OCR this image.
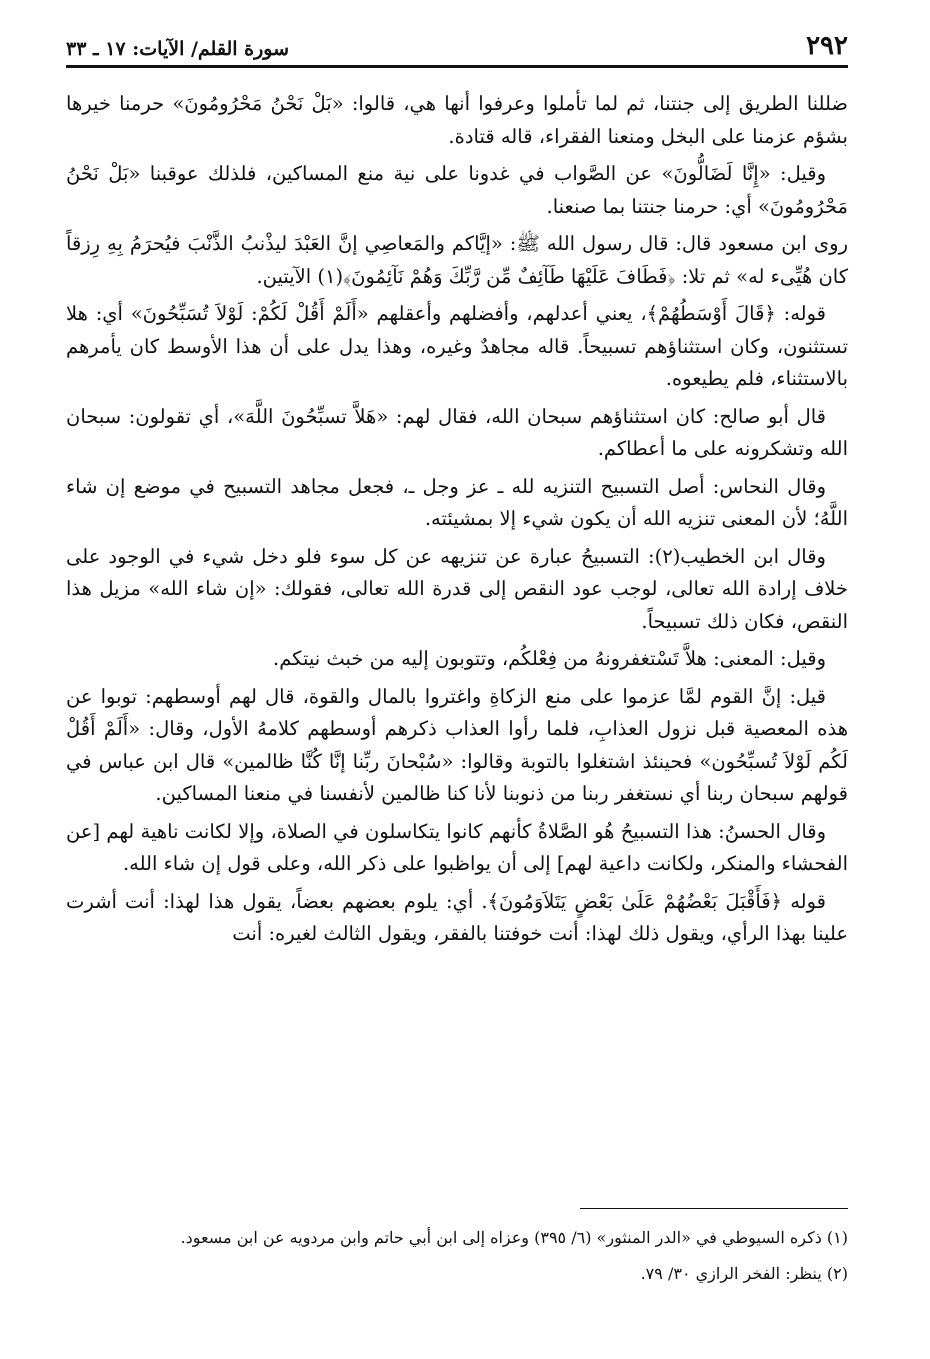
٢٩٢
سورة القلم/ الآيات: ١٧ ـ ٣٣

ضللنا الطريق إلى جنتنا، ثم لما تأملوا وعرفوا أنها هي، قالوا: «بَلْ نَحْنُ مَحْرُومُونَ» حرمنا خيرها بشؤم عزمنا على البخل ومنعنا الفقراء، قاله قتادة.

وقيل: «إِنَّا لَضَالُّونَ» عن الصَّواب في غدونا على نية منع المساكين، فلذلك عوقبنا «بَلْ نَحْنُ مَحْرُومُونَ» أي: حرمنا جنتنا بما صنعنا.

روى ابن مسعود قال: قال رسول الله ﷺ: «إيَّاكم والمَعاصِي إنَّ العَبْدَ ليذْنبُ الذَّنْبَ فيُحرَمُ بِهِ رِزقاً كان هُيِّىء له» ثم تلا: ﴿فَطَافَ عَلَيْهَا طَآئِفٌ مِّن رَّبِّكَ وَهُمْ نَآئِمُونَ﴾(١) الآيتين.

قوله: ﴿قَالَ أَوْسَطُهُمْ﴾، يعني أعدلهم، وأفضلهم وأعقلهم «أَلَمْ أَقُلْ لَكُمْ: لَوْلاَ تُسَبِّحُونَ» أي: هلا تستثنون، وكان استثناؤهم تسبيحاً. قاله مجاهدٌ وغيره، وهذا يدل على أن هذا الأوسط كان يأمرهم بالاستثناء، فلم يطيعوه.

قال أبو صالح: كان استثناؤهم سبحان الله، فقال لهم: «هَلاَّ تسبِّحُونَ اللَّهَ»، أي تقولون: سبحان الله وتشكرونه على ما أعطاكم.

وقال النحاس: أصل التسبيح التنزيه لله ـ عز وجل ـ، فجعل مجاهد التسبيح في موضع إن شاء اللَّهُ؛ لأن المعنى تنزيه الله أن يكون شيء إلا بمشيئته.

وقال ابن الخطيب(٢): التسبيحُ عبارة عن تنزيهه عن كل سوء فلو دخل شيء في الوجود على خلاف إرادة الله تعالى، لوجب عود النقص إلى قدرة الله تعالى، فقولك: «إن شاء الله» مزيل هذا النقص، فكان ذلك تسبيحاً.

وقيل: المعنى: هلاَّ تَسْتغفرونهُ من فِعْلكُم، وتتوبون إليه من خبث نيتكم.

قيل: إنَّ القوم لمَّا عزموا على منع الزكاةِ واغتروا بالمال والقوة، قال لهم أوسطهم: توبوا عن هذه المعصية قبل نزول العذابِ، فلما رأوا العذاب ذكرهم أوسطهم كلامهُ الأول، وقال: «أَلَمْ أَقُلْ لَكُم لَوْلاَ تُسبِّحُون» فحينئذ اشتغلوا بالتوبة وقالوا: «سُبْحانَ ربِّنا إنَّا كُنَّا ظالمين» قال ابن عباس في قولهم سبحان ربنا أي نستغفر ربنا من ذنوبنا لأنا كنا ظالمين لأنفسنا في منعنا المساكين.

وقال الحسنُ: هذا التسبيحُ هُو الصَّلاةُ كأنهم كانوا يتكاسلون في الصلاة، وإلا لكانت ناهية لهم [عن الفحشاء والمنكر، ولكانت داعية لهم] إلى أن يواظبوا على ذكر الله، وعلى قول إن شاء الله.

قوله ﴿فَأَقْبَلَ بَعْضُهُمْ عَلَىٰ بَعْضٍ يَتَلاَوَمُونَ﴾. أي: يلوم بعضهم بعضاً، يقول هذا لهذا: أنت أشرت علينا بهذا الرأي، ويقول ذلك لهذا: أنت خوفتنا بالفقر، ويقول الثالث لغيره: أنت

(١) ذكره السيوطي في «الدر المنثور» (٦/ ٣٩٥) وعزاه إلى ابن أبي حاتم وابن مردويه عن ابن مسعود.

(٢) ينظر: الفخر الرازي ٣٠/ ٧٩.
